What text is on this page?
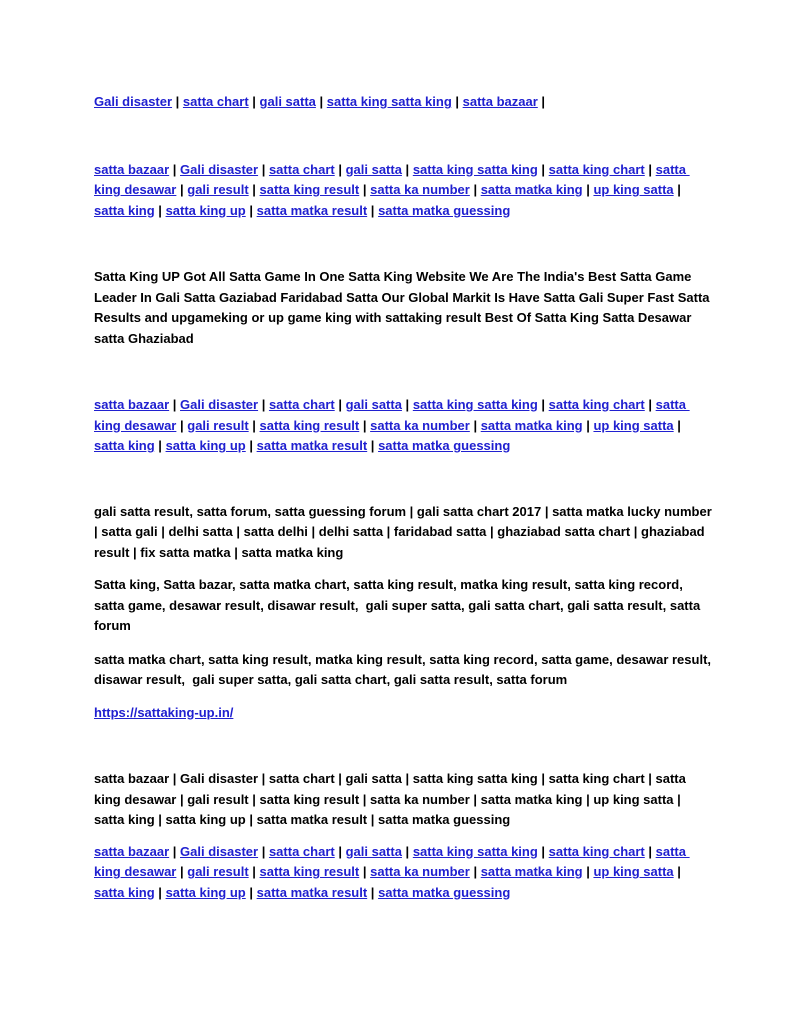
Gali disaster | satta chart | gali satta | satta king satta king | satta bazaar |

satta bazaar | Gali disaster | satta chart | gali satta | satta king satta king | satta king chart | satta king desawar | gali result | satta king result | satta ka number | satta matka king | up king satta | satta king | satta king up | satta matka result | satta matka guessing

Satta King UP Got All Satta Game In One Satta King Website We Are The India's Best Satta Game Leader In Gali Satta Gaziabad Faridabad Satta Our Global Markit Is Have Satta Gali Super Fast Satta Results and upgameking or up game king with sattaking result Best Of Satta King Satta Desawar satta Ghaziabad

satta bazaar | Gali disaster | satta chart | gali satta | satta king satta king | satta king chart | satta king desawar | gali result | satta king result | satta ka number | satta matka king | up king satta | satta king | satta king up | satta matka result | satta matka guessing

gali satta result, satta forum, satta guessing forum | gali satta chart 2017 | satta matka lucky number | satta gali | delhi satta | satta delhi | delhi satta | faridabad satta | ghaziabad satta chart | ghaziabad result | fix satta matka | satta matka king

Satta king, Satta bazar, satta matka chart, satta king result, matka king result, satta king record, satta game, desawar result, disawar result,  gali super satta, gali satta chart, gali satta result, satta forum

satta matka chart, satta king result, matka king result, satta king record, satta game, desawar result, disawar result,  gali super satta, gali satta chart, gali satta result, satta forum

https://sattaking-up.in/

satta bazaar | Gali disaster | satta chart | gali satta | satta king satta king | satta king chart | satta king desawar | gali result | satta king result | satta ka number | satta matka king | up king satta | satta king | satta king up | satta matka result | satta matka guessing

satta bazaar | Gali disaster | satta chart | gali satta | satta king satta king | satta king chart | satta king desawar | gali result | satta king result | satta ka number | satta matka king | up king satta | satta king | satta king up | satta matka result | satta matka guessing
